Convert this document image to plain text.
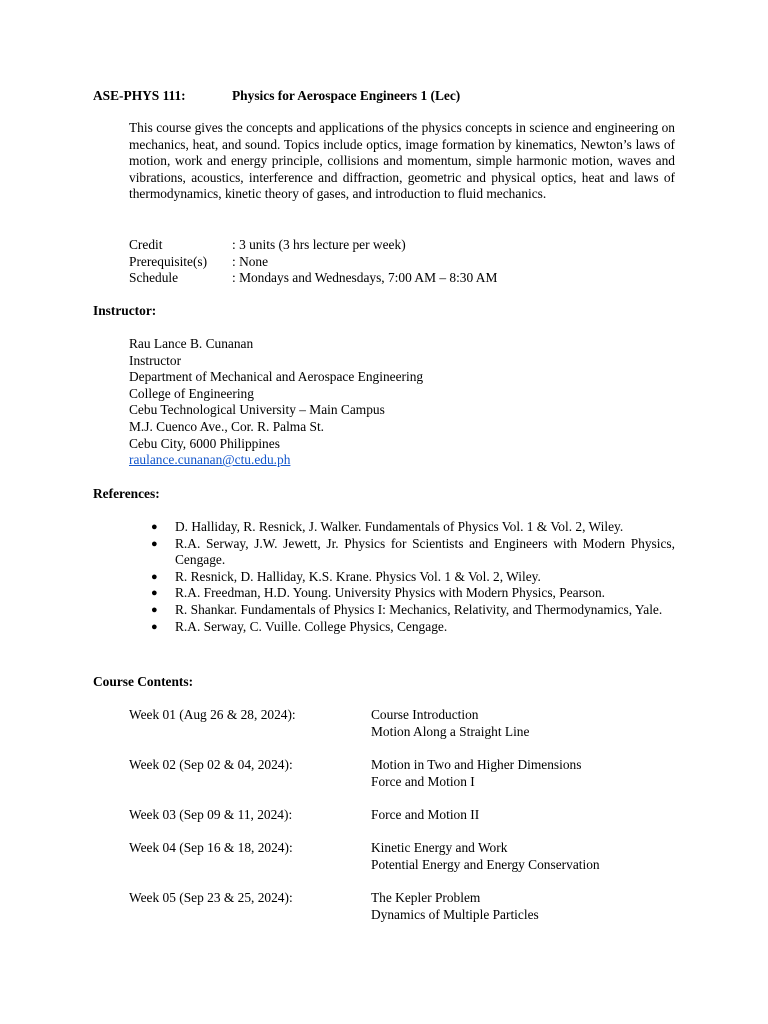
ASE-PHYS 111:	Physics for Aerospace Engineers 1 (Lec)
This course gives the concepts and applications of the physics concepts in science and engineering on mechanics, heat, and sound. Topics include optics, image formation by kinematics, Newton’s laws of motion, work and energy principle, collisions and momentum, simple harmonic motion, waves and vibrations, acoustics, interference and diffraction, geometric and physical optics, heat and laws of thermodynamics, kinetic theory of gases, and introduction to fluid mechanics.
Credit	: 3 units (3 hrs lecture per week)
Prerequisite(s) : None
Schedule	: Mondays and Wednesdays, 7:00 AM – 8:30 AM
Instructor:
Rau Lance B. Cunanan
Instructor
Department of Mechanical and Aerospace Engineering
College of Engineering
Cebu Technological University – Main Campus
M.J. Cuenco Ave., Cor. R. Palma St.
Cebu City, 6000 Philippines
raulance.cunanan@ctu.edu.ph
References:
● D. Halliday, R. Resnick, J. Walker. Fundamentals of Physics Vol. 1 & Vol. 2, Wiley.
● R.A. Serway, J.W. Jewett, Jr. Physics for Scientists and Engineers with Modern Physics, Cengage.
● R. Resnick, D. Halliday, K.S. Krane. Physics Vol. 1 & Vol. 2, Wiley.
● R.A. Freedman, H.D. Young. University Physics with Modern Physics, Pearson.
● R. Shankar. Fundamentals of Physics I: Mechanics, Relativity, and Thermodynamics, Yale.
● R.A. Serway, C. Vuille. College Physics, Cengage.
Course Contents:
Week 01 (Aug 26 & 28, 2024):	Course Introduction
Motion Along a Straight Line
Week 02 (Sep 02 & 04, 2024):	Motion in Two and Higher Dimensions
Force and Motion I
Week 03 (Sep 09 & 11, 2024):	Force and Motion II
Week 04 (Sep 16 & 18, 2024):	Kinetic Energy and Work
Potential Energy and Energy Conservation
Week 05 (Sep 23 & 25, 2024):	The Kepler Problem
Dynamics of Multiple Particles
